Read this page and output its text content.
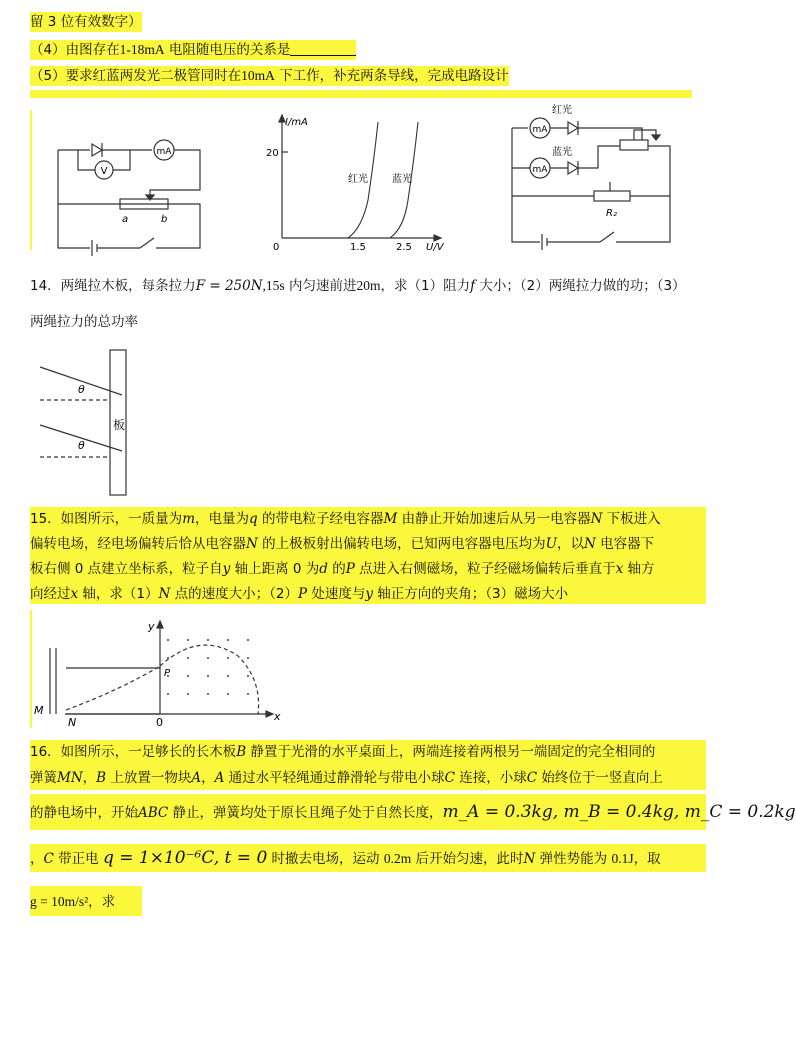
留 3 位有效数字）
（4）由图存在1-18mA 电阻随电压的关系是
（5）要求红蓝两发光二极管同时在10mA 下工作，补充两条导线，完成电路设计
mA
V
a	b
I/mA
20
0	1.5	2.5 U/V
红光 蓝光
mA
mA
红光
蓝光
R₂
14．两绳拉木板，每条拉力F = 250N,15s 内匀速前进20m，求（1）阻力f 大小；（2）两绳拉力做的功；（3）
两绳拉力的总功率
θ
θ
板
15．如图所示，一质量为m，电量为q 的带电粒子经电容器M 由静止开始加速后从另一电容器N 下板进入
偏转电场，经电场偏转后恰从电容器N 的上极板射出偏转电场，已知两电容器电压均为U，以N 电容器下
板右侧 0 点建立坐标系，粒子自y 轴上距离 0 为d 的P 点进入右侧磁场，粒子经磁场偏转后垂直于x 轴方
向经过x 轴，求（1）N 点的速度大小；（2）P 处速度与y 轴正方向的夹角；（3）磁场大小
y
x
M
N
P
0
16．如图所示，一足够长的长木板B 静置于光滑的水平桌面上，两端连接着两根另一端固定的完全相同的
弹簧MN，B 上放置一物块A，A 通过水平轻绳通过静滑轮与带电小球C 连接，小球C 始终位于一竖直向上
的静电场中，开始ABC 静止，弹簧均处于原长且绳子处于自然长度，m_A = 0.3kg, m_B = 0.4kg, m_C = 0.2kg
，C 带正电 q = 1×10⁻⁶C, t = 0 时撤去电场，运动 0.2m 后开始匀速，此时N 弹性势能为 0.1J，取
g = 10m/s²，求
